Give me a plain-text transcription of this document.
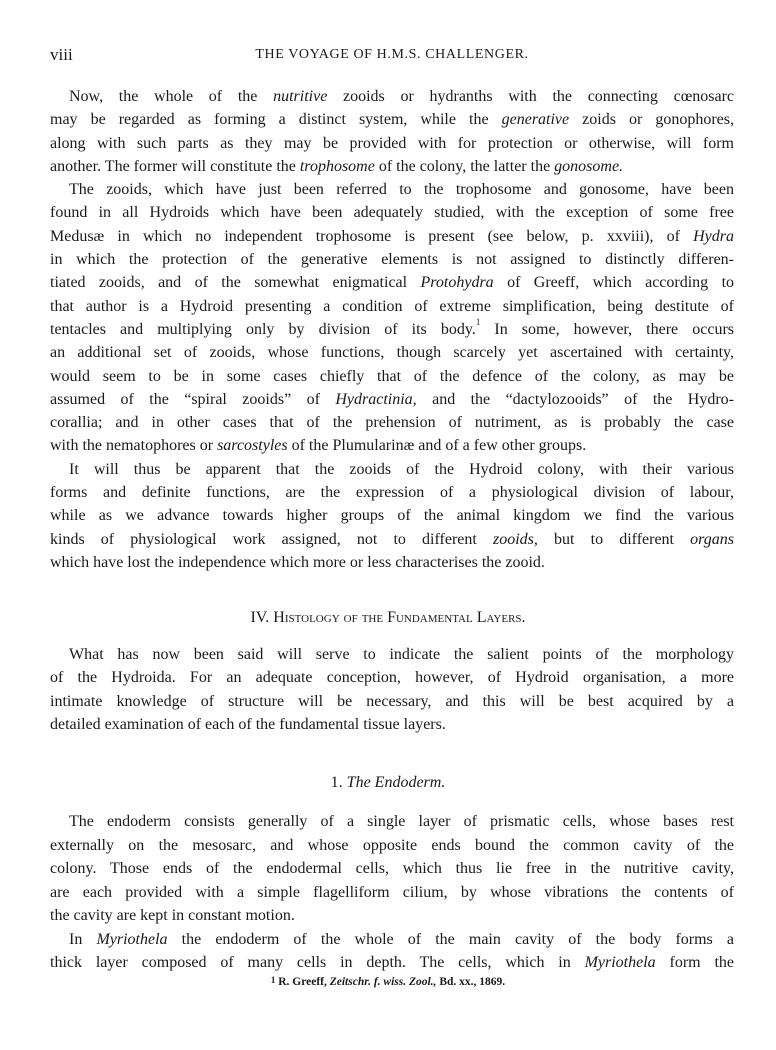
viii	THE VOYAGE OF H.M.S. CHALLENGER.
Now, the whole of the nutritive zooids or hydranths with the connecting cœnosarc
may be regarded as forming a distinct system, while the generative zoids or gonophores,
along with such parts as they may be provided with for protection or otherwise, will form
another. The former will constitute the trophosome of the colony, the latter the gonosome.
The zooids, which have just been referred to the trophosome and gonosome, have been
found in all Hydroids which have been adequately studied, with the exception of some free
Medusæ in which no independent trophosome is present (see below, p. xxviii), of Hydra
in which the protection of the generative elements is not assigned to distinctly differen-
tiated zooids, and of the somewhat enigmatical Protohydra of Greeff, which according to
that author is a Hydroid presenting a condition of extreme simplification, being destitute of
tentacles and multiplying only by division of its body.$^1$ In some, however, there occurs
an additional set of zooids, whose functions, though scarcely yet ascertained with certainty,
would seem to be in some cases chiefly that of the defence of the colony, as may be
assumed of the “spiral zooids” of Hydractinia, and the “dactylozooids” of the Hydro-
corallia; and in other cases that of the prehension of nutriment, as is probably the case
with the nematophores or sarcostyles of the Plumularinæ and of a few other groups.
It will thus be apparent that the zooids of the Hydroid colony, with their various
forms and definite functions, are the expression of a physiological division of labour,
while as we advance towards higher groups of the animal kingdom we find the various
kinds of physiological work assigned, not to different zooids, but to different organs
which have lost the independence which more or less characterises the zooid.
IV. Histology of the Fundamental Layers.
What has now been said will serve to indicate the salient points of the morphology
of the Hydroida. For an adequate conception, however, of Hydroid organisation, a more
intimate knowledge of structure will be necessary, and this will be best acquired by a
detailed examination of each of the fundamental tissue layers.
1. The Endoderm.
The endoderm consists generally of a single layer of prismatic cells, whose bases rest
externally on the mesosarc, and whose opposite ends bound the common cavity of the
colony. Those ends of the endodermal cells, which thus lie free in the nutritive cavity,
are each provided with a simple flagelliform cilium, by whose vibrations the contents of
the cavity are kept in constant motion.
In Myriothela the endoderm of the whole of the main cavity of the body forms a
thick layer composed of many cells in depth. The cells, which in Myriothela form the
$^1$ R. Greeff, Zeitschr. f. wiss. Zool., Bd. xx., 1869.
